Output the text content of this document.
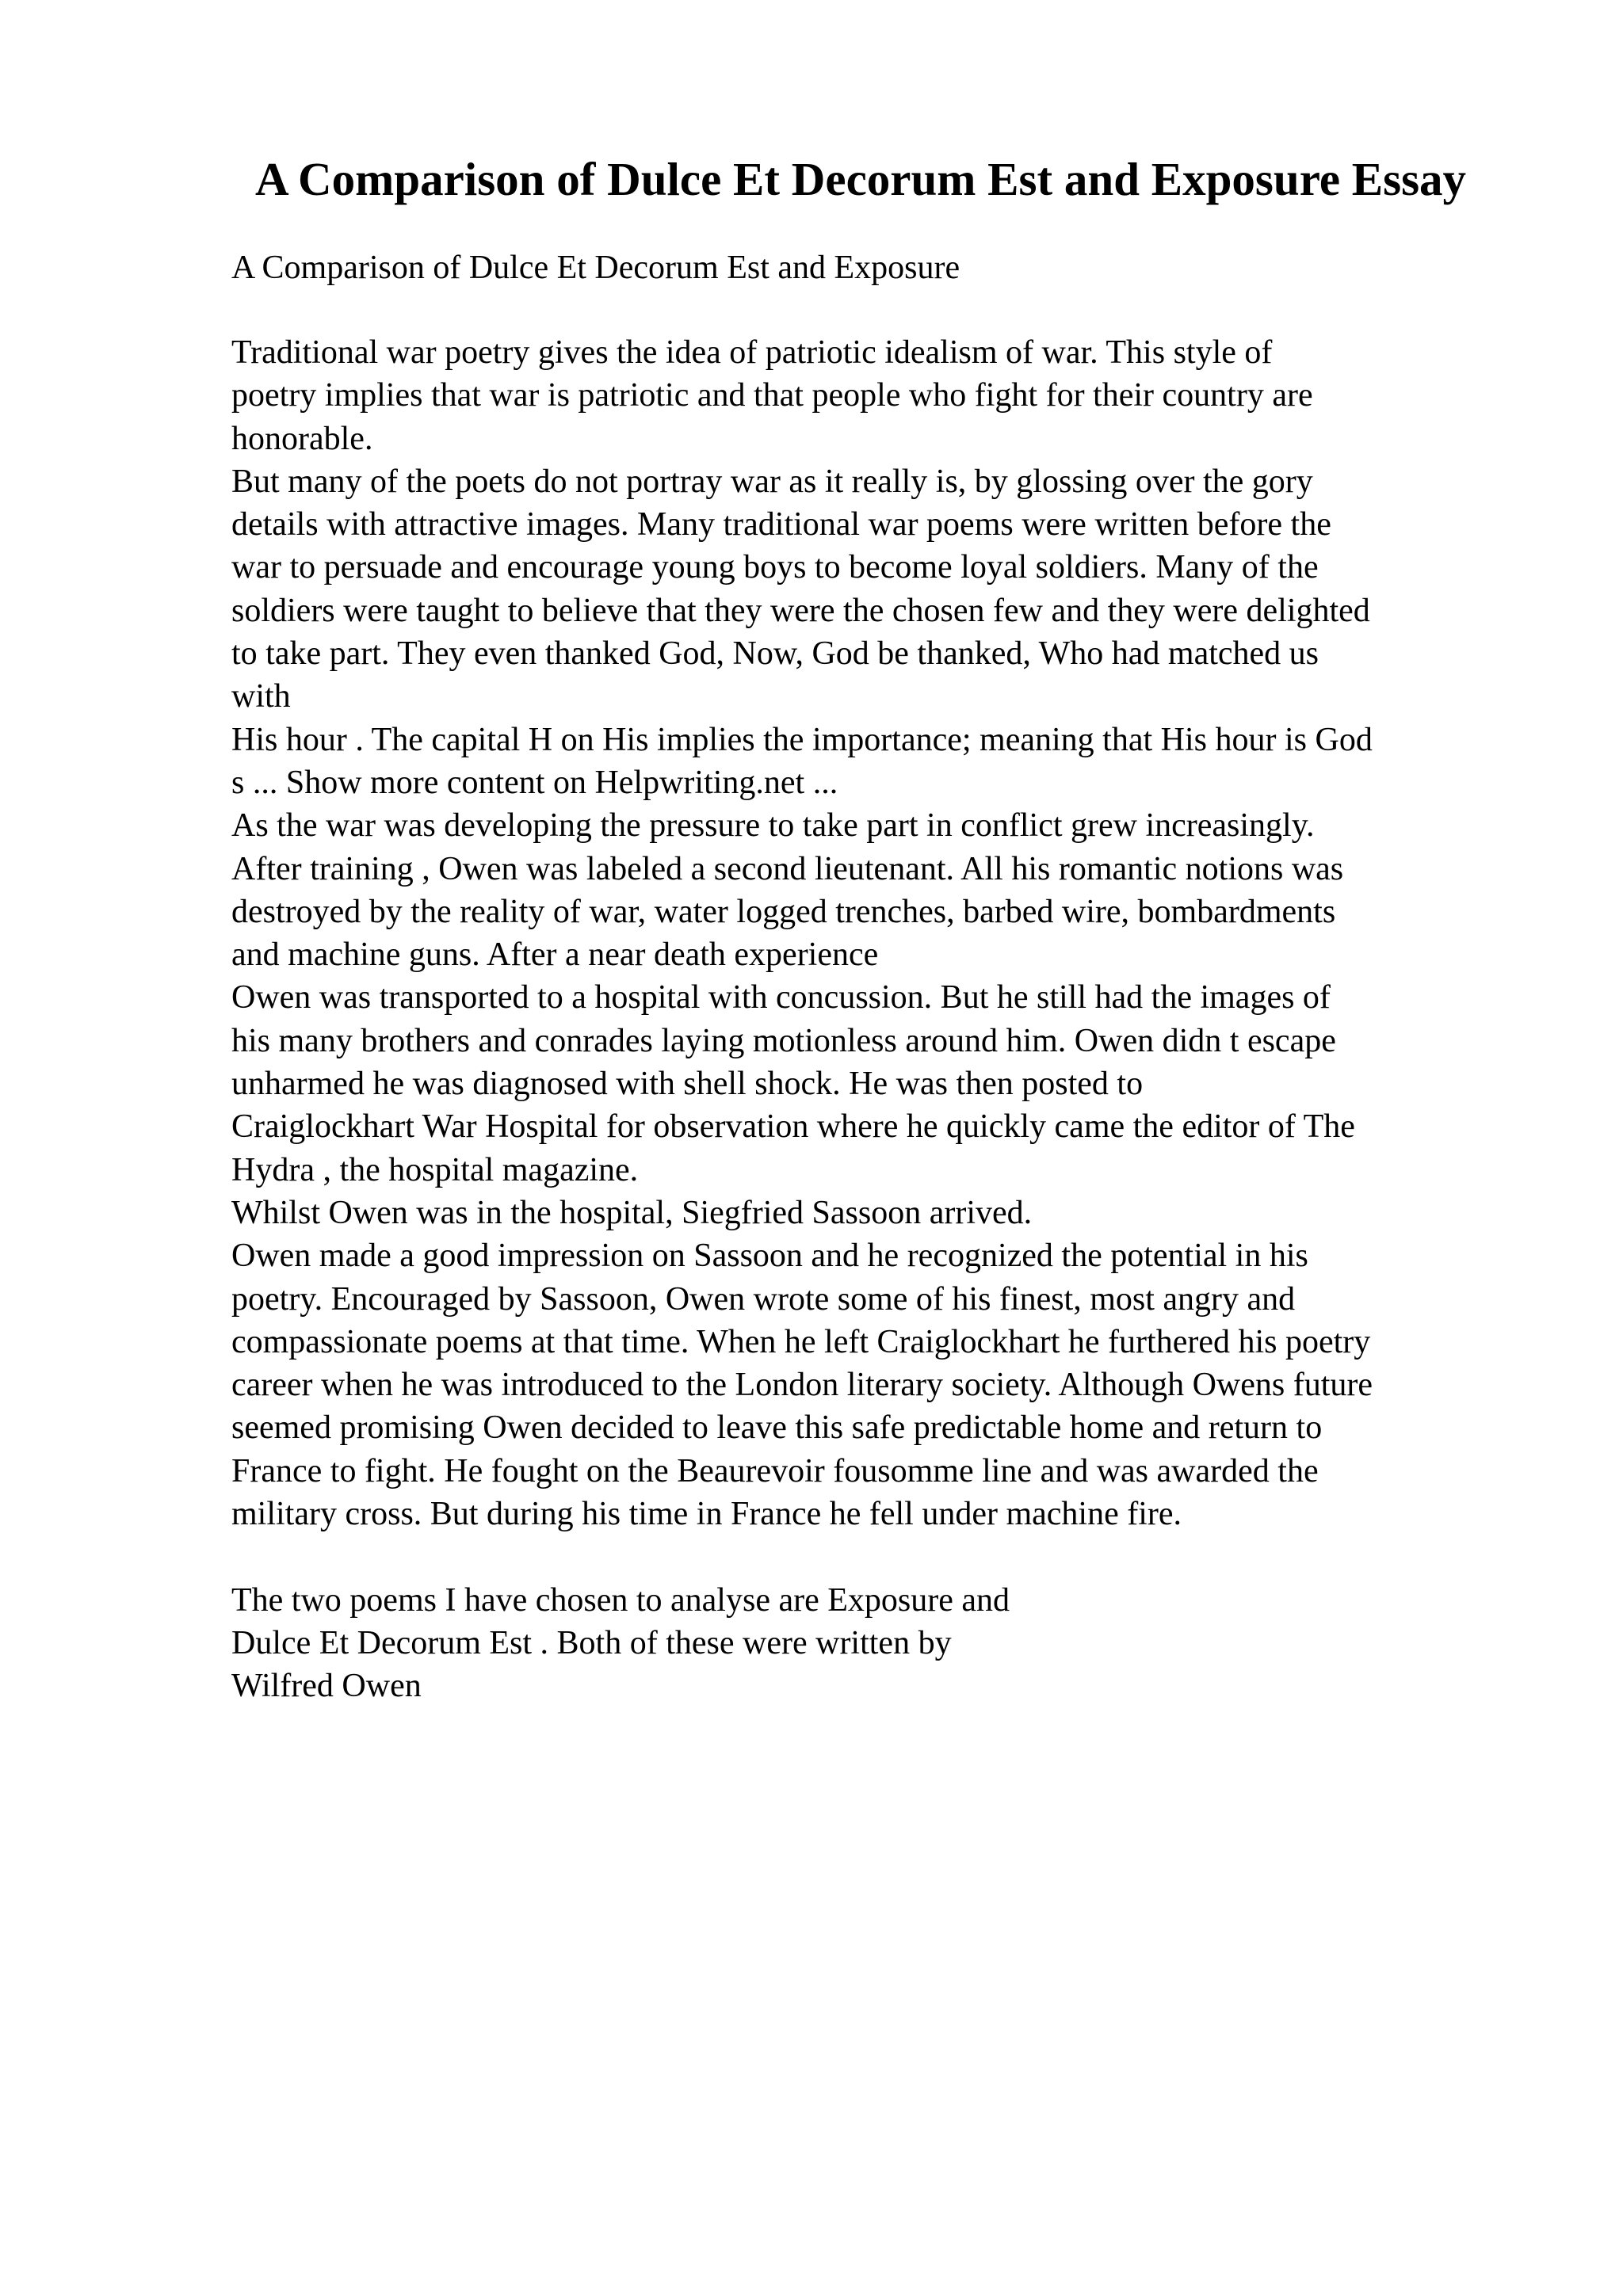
A Comparison of Dulce Et Decorum Est and Exposure Essay

A Comparison of Dulce Et Decorum Est and Exposure

Traditional war poetry gives the idea of patriotic idealism of war. This style of
poetry implies that war is patriotic and that people who fight for their country are
honorable.
But many of the poets do not portray war as it really is, by glossing over the gory
details with attractive images. Many traditional war poems were written before the
war to persuade and encourage young boys to become loyal soldiers. Many of the
soldiers were taught to believe that they were the chosen few and they were delighted
to take part. They even thanked God, Now, God be thanked, Who had matched us
with
His hour . The capital H on His implies the importance; meaning that His hour is God
s ... Show more content on Helpwriting.net ...
As the war was developing the pressure to take part in conflict grew increasingly.
After training , Owen was labeled a second lieutenant. All his romantic notions was
destroyed by the reality of war, water logged trenches, barbed wire, bombardments
and machine guns. After a near death experience
Owen was transported to a hospital with concussion. But he still had the images of
his many brothers and conrades laying motionless around him. Owen didn t escape
unharmed he was diagnosed with shell shock. He was then posted to
Craiglockhart War Hospital for observation where he quickly came the editor of The
Hydra , the hospital magazine.
Whilst Owen was in the hospital, Siegfried Sassoon arrived.
Owen made a good impression on Sassoon and he recognized the potential in his
poetry. Encouraged by Sassoon, Owen wrote some of his finest, most angry and
compassionate poems at that time. When he left Craiglockhart he furthered his poetry
career when he was introduced to the London literary society. Although Owens future
seemed promising Owen decided to leave this safe predictable home and return to
France to fight. He fought on the Beaurevoir fousomme line and was awarded the
military cross. But during his time in France he fell under machine fire.
The two poems I have chosen to analyse are Exposure and
Dulce Et Decorum Est . Both of these were written by
Wilfred Owen
